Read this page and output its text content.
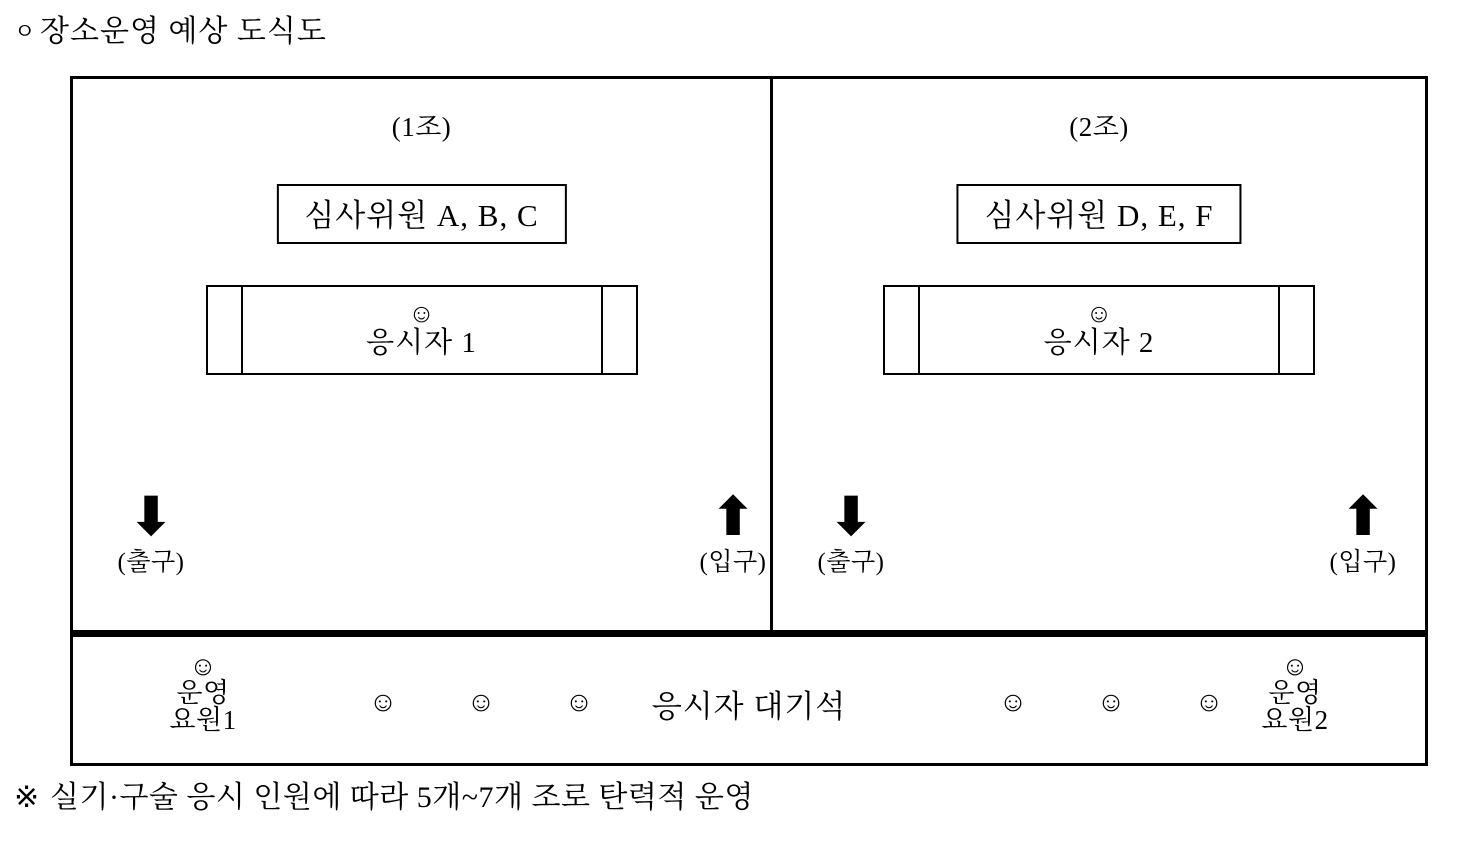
ㅇ 장소운영 예상 도식도
(1조)
심사위원 A, B, C
☺
응시자 1
⬇
(출구)
⬆
(입구)
(2조)
심사위원 D, E, F
☺
응시자 2
⬇
(출구)
⬆
(입구)
☺
운영
요원1
☺ ☺ ☺ 응시자 대기석	☺ ☺ ☺
☺
운영
요원2
※ 실기·구술 응시 인원에 따라 5개~7개 조로 탄력적 운영
